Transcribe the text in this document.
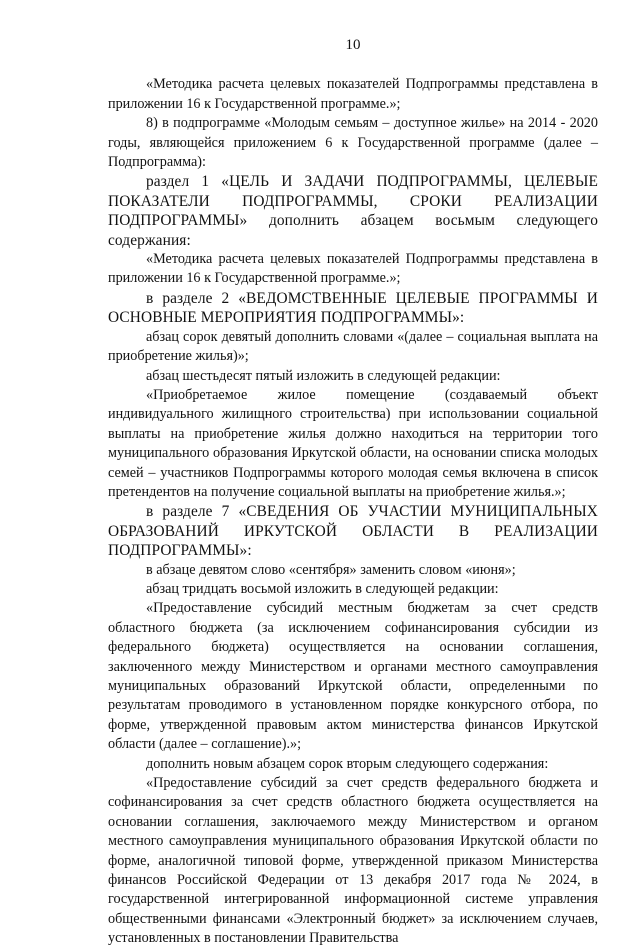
10

«Методика расчета целевых показателей Подпрограммы представлена в приложении 16 к Государственной программе.»;

8) в подпрограмме «Молодым семьям – доступное жилье» на 2014 - 2020 годы, являющейся приложением 6 к Государственной программе (далее – Подпрограмма):

раздел 1 «ЦЕЛЬ И ЗАДАЧИ ПОДПРОГРАММЫ, ЦЕЛЕВЫЕ ПОКАЗАТЕЛИ ПОДПРОГРАММЫ, СРОКИ РЕАЛИЗАЦИИ ПОДПРОГРАММЫ» дополнить абзацем восьмым следующего содержания:

«Методика расчета целевых показателей Подпрограммы представлена в приложении 16 к Государственной программе.»;

в разделе 2 «ВЕДОМСТВЕННЫЕ ЦЕЛЕВЫЕ ПРОГРАММЫ И ОСНОВНЫЕ МЕРОПРИЯТИЯ ПОДПРОГРАММЫ»:

абзац сорок девятый дополнить словами «(далее – социальная выплата на приобретение жилья)»;

абзац шестьдесят пятый изложить в следующей редакции:

«Приобретаемое жилое помещение (создаваемый объект индивидуального жилищного строительства) при использовании социальной выплаты на приобретение жилья должно находиться на территории того муниципального образования Иркутской области, на основании списка молодых семей – участников Подпрограммы которого молодая семья включена в список претендентов на получение социальной выплаты на приобретение жилья.»;

в разделе 7 «СВЕДЕНИЯ ОБ УЧАСТИИ МУНИЦИПАЛЬНЫХ ОБРАЗОВАНИЙ ИРКУТСКОЙ ОБЛАСТИ В РЕАЛИЗАЦИИ ПОДПРОГРАММЫ»:

в абзаце девятом слово «сентября» заменить словом «июня»;

абзац тридцать восьмой изложить в следующей редакции:

«Предоставление субсидий местным бюджетам за счет средств областного бюджета (за исключением софинансирования субсидии из федерального бюджета) осуществляется на основании соглашения, заключенного между Министерством и органами местного самоуправления муниципальных образований Иркутской области, определенными по результатам проводимого в установленном порядке конкурсного отбора, по форме, утвержденной правовым актом министерства финансов Иркутской области (далее – соглашение).»;

дополнить новым абзацем сорок вторым следующего содержания:

«Предоставление субсидий за счет средств федерального бюджета и софинансирования за счет средств областного бюджета осуществляется на основании соглашения, заключаемого между Министерством и органом местного самоуправления муниципального образования Иркутской области по форме, аналогичной типовой форме, утвержденной приказом Министерства финансов Российской Федерации от 13 декабря 2017 года № 2024, в государственной интегрированной информационной системе управления общественными финансами «Электронный бюджет» за исключением случаев, установленных в постановлении Правительства
